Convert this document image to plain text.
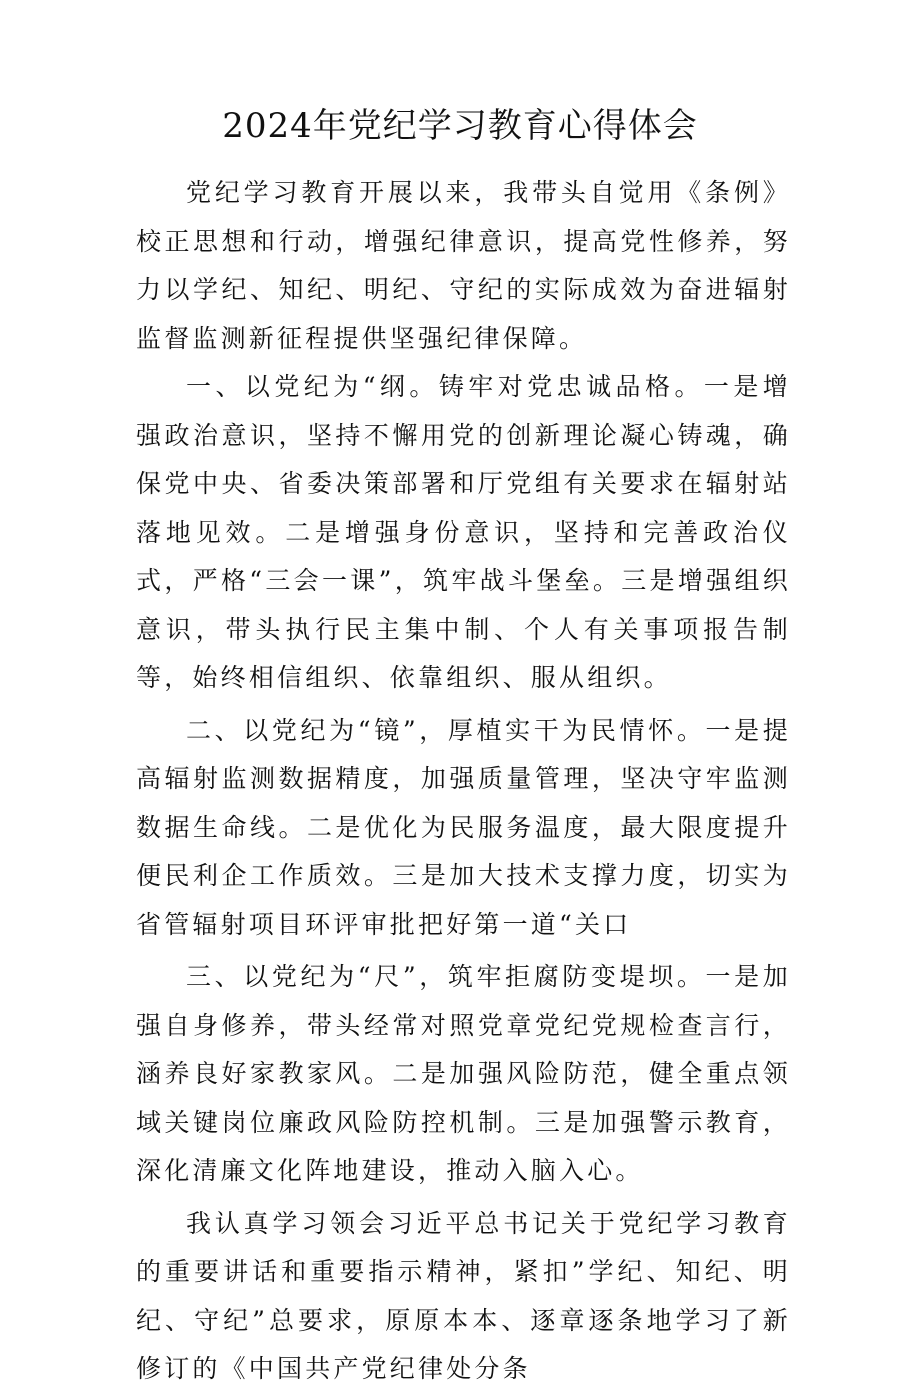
2024年党纪学习教育心得体会

党纪学习教育开展以来，我带头自觉用《条例》校正思想和行动，增强纪律意识，提高党性修养，努力以学纪、知纪、明纪、守纪的实际成效为奋进辐射监督监测新征程提供坚强纪律保障。

一、以党纪为“纲。铸牢对党忠诚品格。一是增强政治意识，坚持不懈用党的创新理论凝心铸魂，确保党中央、省委决策部署和厅党组有关要求在辐射站落地见效。二是增强身份意识，坚持和完善政治仪式，严格“三会一课”，筑牢战斗堡垒。三是增强组织意识，带头执行民主集中制、个人有关事项报告制等，始终相信组织、依靠组织、服从组织。

二、以党纪为“镜”，厚植实干为民情怀。一是提高辐射监测数据精度，加强质量管理，坚决守牢监测数据生命线。二是优化为民服务温度，最大限度提升便民利企工作质效。三是加大技术支撑力度，切实为省管辐射项目环评审批把好第一道“关口

三、以党纪为“尺”，筑牢拒腐防变堤坝。一是加强自身修养，带头经常对照党章党纪党规检查言行，涵养良好家教家风。二是加强风险防范，健全重点领域关键岗位廉政风险防控机制。三是加强警示教育，深化清廉文化阵地建设，推动入脑入心。

我认真学习领会习近平总书记关于党纪学习教育的重要讲话和重要指示精神，紧扣”学纪、知纪、明纪、守纪”总要求，原原本本、逐章逐条地学习了新修订的《中国共产党纪律处分条
